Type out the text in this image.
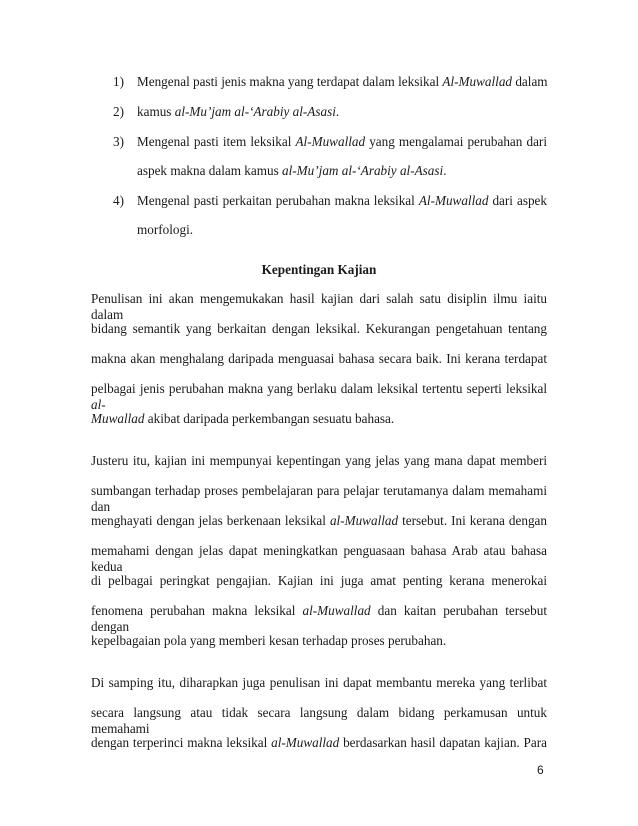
1) Mengenal pasti jenis makna yang terdapat dalam leksikal Al-Muwallad dalam
2) kamus al-Mu’jam al-‘Arabiy al-Asasi.
3) Mengenal pasti item leksikal Al-Muwallad yang mengalamai perubahan dari
aspek makna dalam kamus al-Mu’jam al-‘Arabiy al-Asasi.
4) Mengenal pasti perkaitan perubahan makna leksikal Al-Muwallad dari aspek
morfologi.
Kepentingan Kajian
Penulisan ini akan mengemukakan hasil kajian dari salah satu disiplin ilmu iaitu dalam
bidang semantik yang berkaitan dengan leksikal. Kekurangan pengetahuan tentang
makna akan menghalang daripada menguasai bahasa secara baik. Ini kerana terdapat
pelbagai jenis perubahan makna yang berlaku dalam leksikal tertentu seperti leksikal al-
Muwallad akibat daripada perkembangan sesuatu bahasa.
Justeru itu, kajian ini mempunyai kepentingan yang jelas yang mana dapat memberi
sumbangan terhadap proses pembelajaran para pelajar terutamanya dalam memahami dan
menghayati dengan jelas berkenaan leksikal al-Muwallad tersebut. Ini kerana dengan
memahami dengan jelas dapat meningkatkan penguasaan bahasa Arab atau bahasa kedua
di pelbagai peringkat pengajian. Kajian ini juga amat penting kerana menerokai
fenomena perubahan makna leksikal al-Muwallad dan kaitan perubahan tersebut dengan
kepelbagaian pola yang memberi kesan terhadap proses perubahan.
Di samping itu, diharapkan juga penulisan ini dapat membantu mereka yang terlibat
secara langsung atau tidak secara langsung dalam bidang perkamusan untuk memahami
dengan terperinci makna leksikal al-Muwallad berdasarkan hasil dapatan kajian. Para
6
